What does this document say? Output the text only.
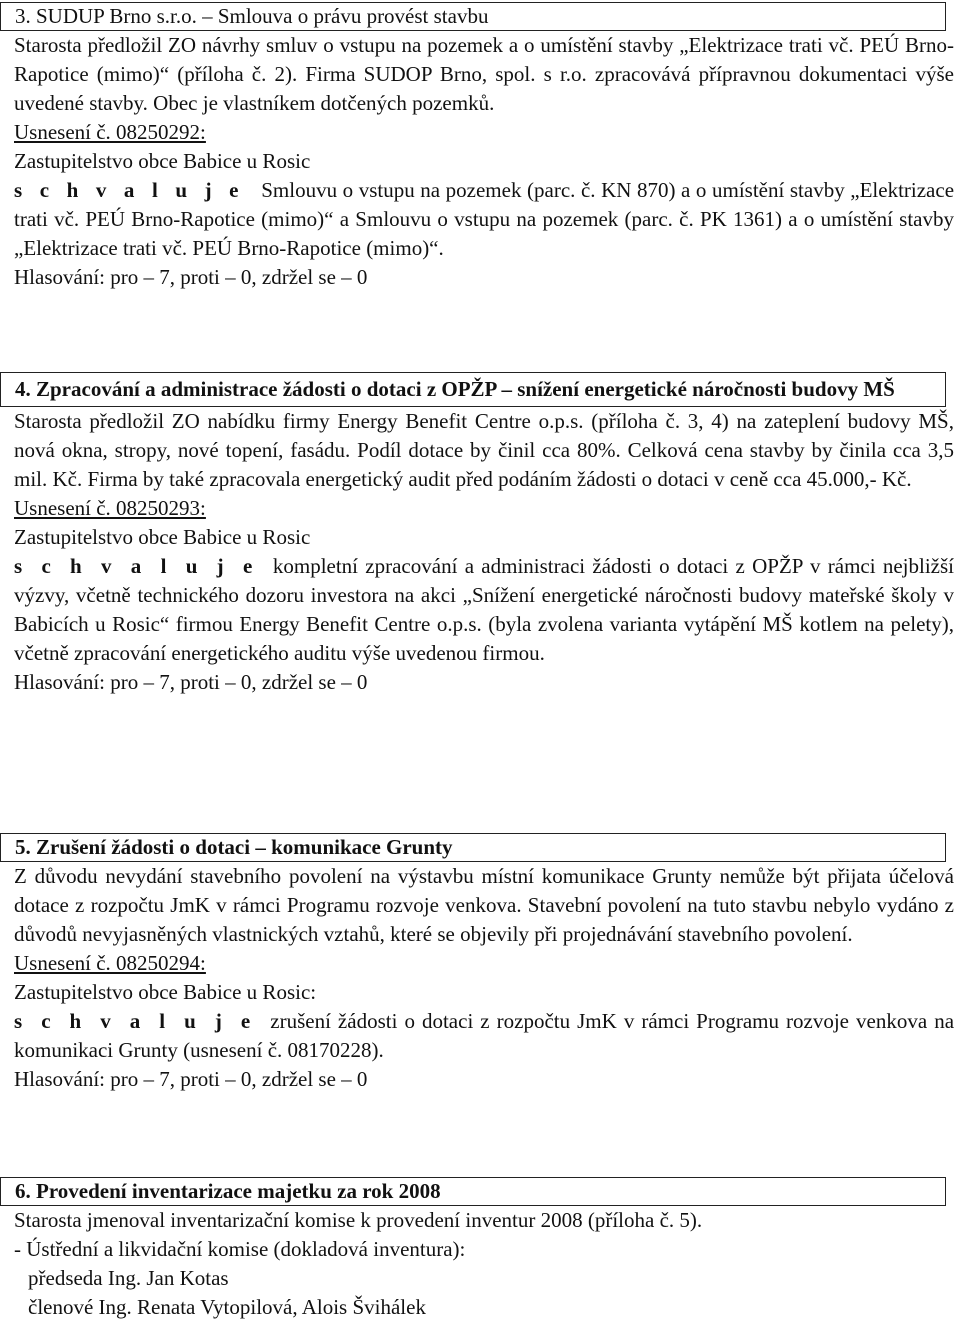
3. SUDUP Brno s.r.o. – Smlouva o právu provést stavbu
Starosta předložil ZO návrhy smluv o vstupu na pozemek a o umístění stavby „Elektrizace trati vč. PEÚ Brno-Rapotice (mimo)“ (příloha č. 2). Firma SUDOP Brno, spol. s r.o. zpracovává přípravnou dokumentaci výše uvedené stavby. Obec je vlastníkem dotčených pozemků.
Usnesení č. 08250292:
Zastupitelstvo obce Babice u Rosic
s c h v a l u j e Smlouvu o vstupu na pozemek (parc. č. KN 870) a o umístění stavby „Elektrizace trati vč. PEÚ Brno-Rapotice (mimo)“ a Smlouvu o vstupu na pozemek (parc. č. PK 1361) a o umístění stavby „Elektrizace trati vč. PEÚ Brno-Rapotice (mimo)“.
Hlasování: pro – 7, proti – 0, zdržel se – 0
4. Zpracování a administrace žádosti o dotaci z OPŽP – snížení energetické náročnosti budovy MŠ
Starosta předložil ZO nabídku firmy Energy Benefit Centre o.p.s. (příloha č. 3, 4) na zateplení budovy MŠ, nová okna, stropy, nové topení, fasádu. Podíl dotace by činil cca 80%. Celková cena stavby by činila cca 3,5 mil. Kč. Firma by také zpracovala energetický audit před podáním žádosti o dotaci v ceně cca 45.000,- Kč.
Usnesení č. 08250293:
Zastupitelstvo obce Babice u Rosic
s c h v a l u j e kompletní zpracování a administraci žádosti o dotaci z OPŽP v rámci nejbližší výzvy, včetně technického dozoru investora na akci „Snížení energetické náročnosti budovy mateřské školy v Babicích u Rosic“ firmou Energy Benefit Centre o.p.s. (byla zvolena varianta vytápění MŠ kotlem na pelety), včetně zpracování energetického auditu výše uvedenou firmou.
Hlasování: pro – 7, proti – 0, zdržel se – 0
5. Zrušení žádosti o dotaci – komunikace Grunty
Z důvodu nevydání stavebního povolení na výstavbu místní komunikace Grunty nemůže být přijata účelová dotace z rozpočtu JmK v rámci Programu rozvoje venkova. Stavební povolení na tuto stavbu nebylo vydáno z důvodů nevyjasněných vlastnických vztahů, které se objevily při projednávání stavebního povolení.
Usnesení č. 08250294:
Zastupitelstvo obce Babice u Rosic:
s c h v a l u j e zrušení žádosti o dotaci z rozpočtu JmK v rámci Programu rozvoje venkova na komunikaci Grunty (usnesení č. 08170228).
Hlasování: pro – 7, proti – 0, zdržel se – 0
6. Provedení inventarizace majetku za rok 2008
Starosta jmenoval inventarizační komise k provedení inventur 2008 (příloha č. 5).
- Ústřední a likvidační komise (dokladová inventura):
předseda Ing. Jan Kotas
členové Ing. Renata Vytopilová, Alois Švihálek
